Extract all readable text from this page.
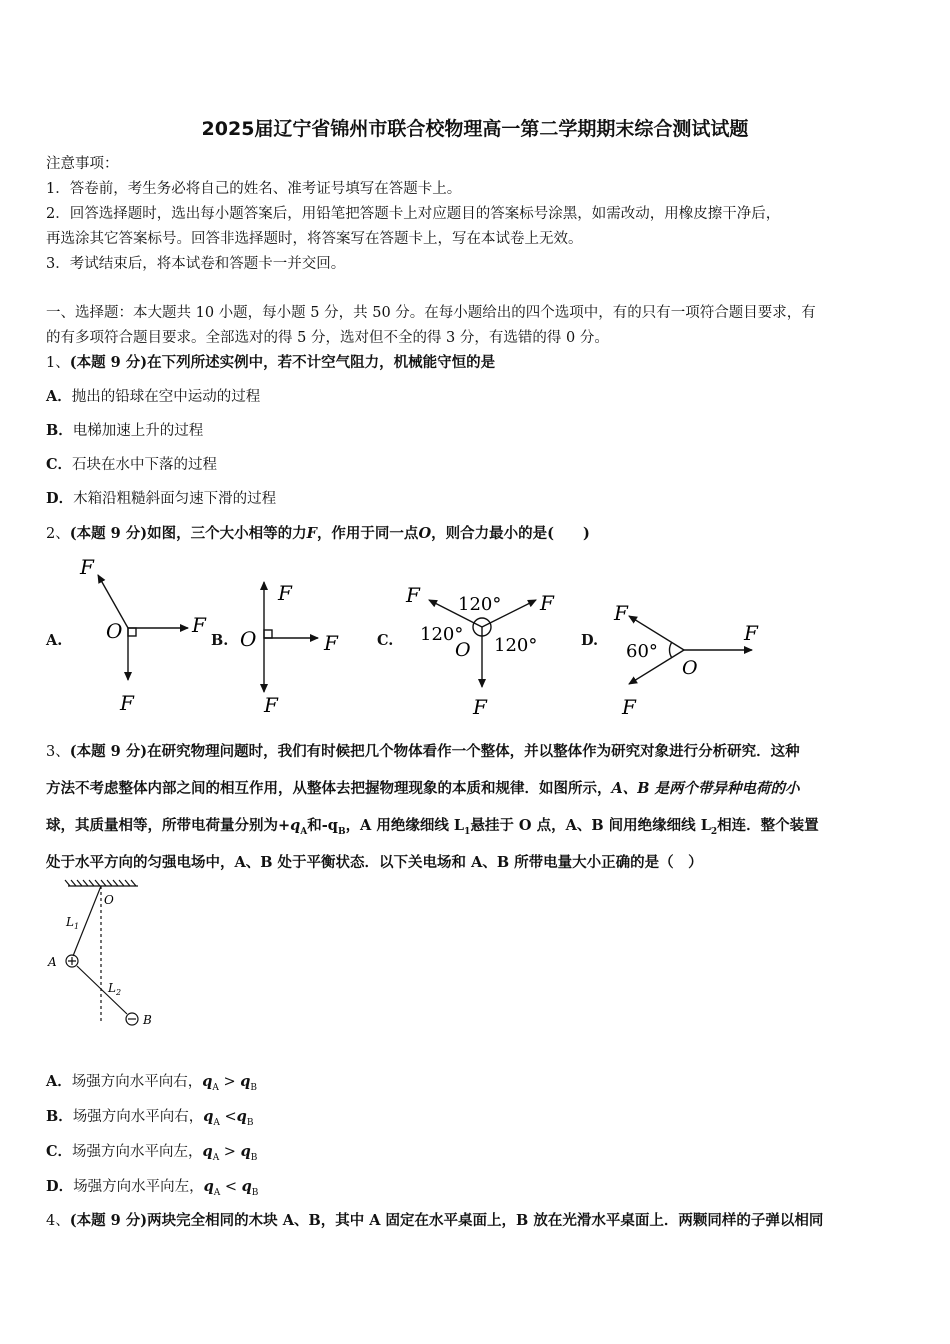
2025届辽宁省锦州市联合校物理高一第二学期期末综合测试试题
注意事项：
1．答卷前，考生务必将自己的姓名、准考证号填写在答题卡上。
2．回答选择题时，选出每小题答案后，用铅笔把答题卡上对应题目的答案标号涂黑，如需改动，用橡皮擦干净后，
再选涂其它答案标号。回答非选择题时，将答案写在答题卡上，写在本试卷上无效。
3．考试结束后，将本试卷和答题卡一并交回。
一、选择题：本大题共 10 小题，每小题 5 分，共 50 分。在每小题给出的四个选项中，有的只有一项符合题目要求，有
的有多项符合题目要求。全部选对的得 5 分，选对但不全的得 3 分，有选错的得 0 分。
1、(本题 9 分)在下列所述实例中，若不计空气阻力，机械能守恒的是
A．抛出的铅球在空中运动的过程
B．电梯加速上升的过程
C．石块在水中下落的过程
D．木箱沿粗糙斜面匀速下滑的过程
2、(本题 9 分)如图，三个大小相等的力F，作用于同一点O，则合力最小的是(　　)
A.	B.	C.	D.
F
F
F
O
F
F
F
O
F	F
F
O
120°
120°
120°
F
F
F
O
60°
3、(本题 9 分)在研究物理问题时，我们有时候把几个物体看作一个整体，并以整体作为研究对象进行分析研究．这种
方法不考虑整体内部之间的相互作用，从整体去把握物理现象的本质和规律．如图所示，A、B 是两个带异种电荷的小
球，其质量相等，所带电荷量分别为$+q_A$和$-q_B$，A 用绝缘细线 $L_1$悬挂于 O 点，A、B 间用绝缘细线 $L_2$相连．整个装置
处于水平方向的匀强电场中，A、B 处于平衡状态．以下关电场和 A、B 所带电量大小正确的是（　）
O
$L_1$
A
$L_2$
B
A．场强方向水平向右，$q_A > q_B$
B．场强方向水平向右，$q_A <q_B$
C．场强方向水平向左，$q_A > q_B$
D．场强方向水平向左，$q_A < q_B$
4、(本题 9 分)两块完全相同的木块 A、B，其中 A 固定在水平桌面上，B 放在光滑水平桌面上．两颗同样的子弹以相同
